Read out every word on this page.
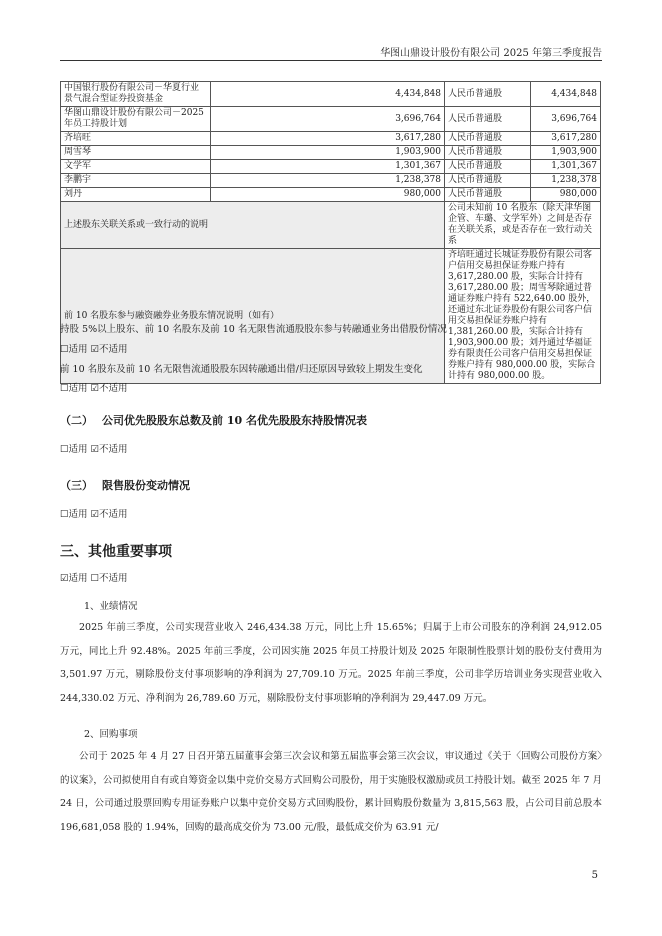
华图山鼎设计股份有限公司 2025 年第三季度报告
中国银行股份有限公司－华夏行业景气混合型证券投资基金	4,434,848	人民币普通股	4,434,848
华图山鼎设计股份有限公司－2025 年员工持股计划	3,696,764	人民币普通股	3,696,764
齐培旺	3,617,280	人民币普通股	3,617,280
周雪琴	1,903,900	人民币普通股	1,903,900
文学军	1,301,367	人民币普通股	1,301,367
李鹏宇	1,238,378	人民币普通股	1,238,378
刘丹	980,000	人民币普通股	980,000
上述股东关联关系或一致行动的说明		公司未知前 10 名股东（除天津华图企管、车璐、文学军外）之间是否存在关联关系，或是否存在一致行动关系	
前 10 名股东参与融资融券业务股东情况说明（如有）		齐培旺通过长城证券股份有限公司客户信用交易担保证券账户持有 3,617,280.00 股，实际合计持有 3,617,280.00 股；周雪琴除通过普通证券账户持有 522,640.00 股外，还通过东北证券股份有限公司客户信用交易担保证券账户持有 1,381,260.00 股，实际合计持有 1,903,900.00 股；刘丹通过华福证券有限责任公司客户信用交易担保证券账户持有 980,000.00 股，实际合计持有 980,000.00 股。	
持股 5%以上股东、前 10 名股东及前 10 名无限售流通股股东参与转融通业务出借股份情况
☐适用 ☑不适用
前 10 名股东及前 10 名无限售流通股股东因转融通出借/归还原因导致较上期发生变化
☐适用 ☑不适用
（二） 公司优先股股东总数及前 10 名优先股股东持股情况表
☐适用 ☑不适用
（三） 限售股份变动情况
☐适用 ☑不适用
三、其他重要事项
☑适用 ☐不适用
1、业绩情况
2025 年前三季度，公司实现营业收入 246,434.38 万元，同比上升 15.65%；归属于上市公司股东的净利润 24,912.05 万元，同比上升 92.48%。2025 年前三季度，公司因实施 2025 年员工持股计划及 2025 年限制性股票计划的股份支付费用为 3,501.97 万元，剔除股份支付事项影响的净利润为 27,709.10 万元。2025 年前三季度，公司非学历培训业务实现营业收入 244,330.02 万元、净利润为 26,789.60 万元，剔除股份支付事项影响的净利润为 29,447.09 万元。
2、回购事项
公司于 2025 年 4 月 27 日召开第五届董事会第三次会议和第五届监事会第三次会议，审议通过《关于〈回购公司股份方案〉的议案》，公司拟使用自有或自筹资金以集中竞价交易方式回购公司股份，用于实施股权激励或员工持股计划。截至 2025 年 7 月 24 日，公司通过股票回购专用证券账户以集中竞价交易方式回购股份，累计回购股份数量为 3,815,563 股，占公司目前总股本 196,681,058 股的 1.94%，回购的最高成交价为 73.00 元/股，最低成交价为 63.91 元/
5
